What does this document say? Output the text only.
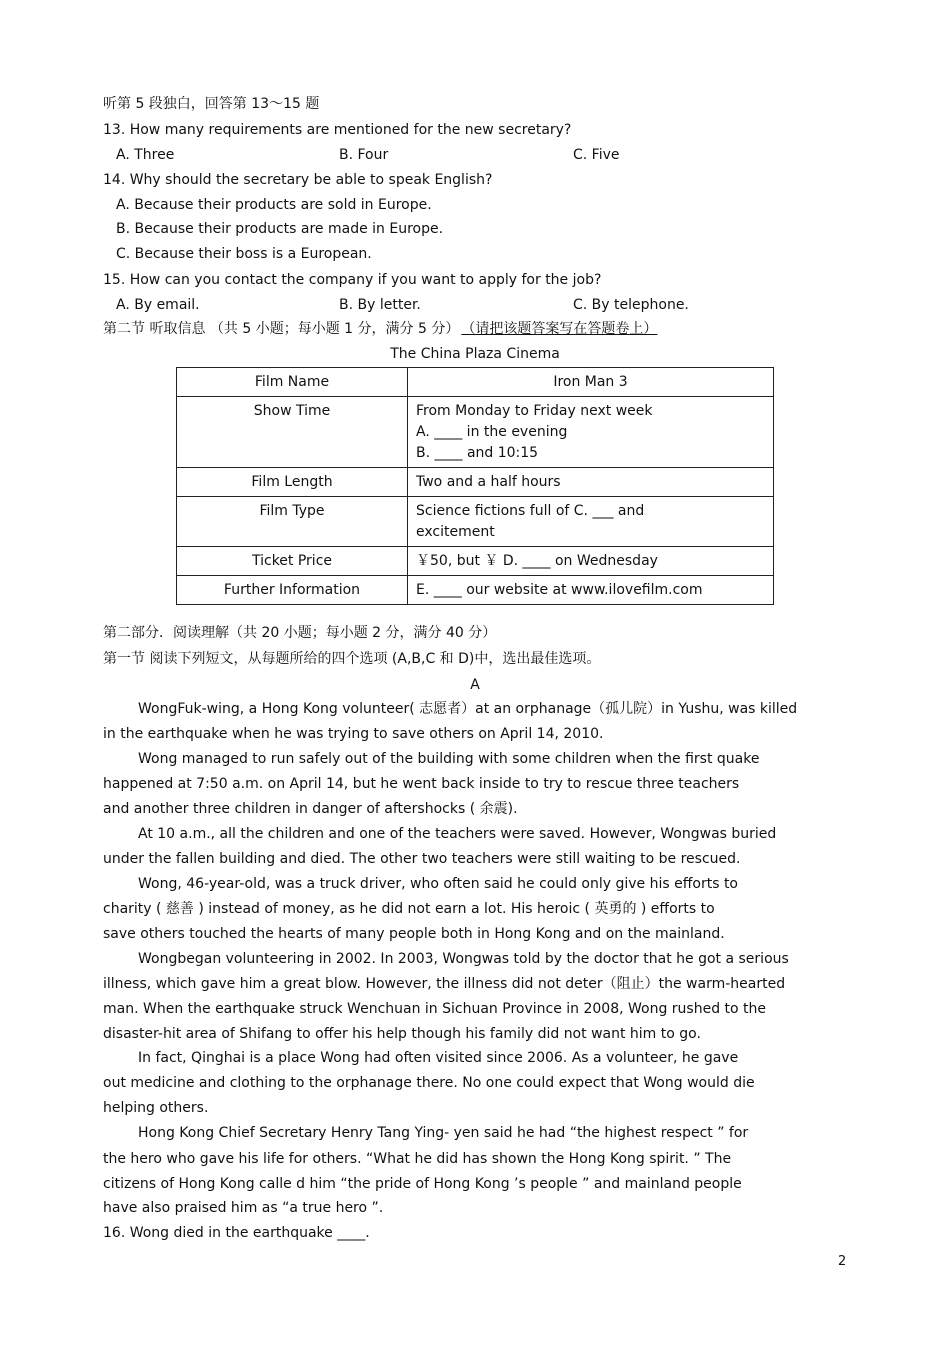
听第 5 段独白，回答第 13～15 题
13. How many requirements are mentioned for the new secretary?
A. Three	B. Four	C. Five
14. Why should the secretary be able to speak English?
A. Because their products are sold in Europe.
B. Because their products are made in Europe.
C. Because their boss is a European.
15. How can you contact the company if you want to apply for the job?
A. By email.	B. By letter.	C. By telephone.
第二节 听取信息 （共 5 小题；每小题 1 分，满分 5 分） （请把该题答案写在答题卷上）
The China Plaza Cinema
Film Name	Iron Man 3

Show Time	From Monday to Friday next week
A. ____ in the evening
B. ____ and 10:15

Film Length	Two and a half hours

Film Type	Science fictions full of C. ___ and
excitement

Ticket Price	￥50, but ￥ D. ____ on Wednesday

Further Information	E. ____ our website at www.ilovefilm.com
第二部分．阅读理解（共 20 小题；每小题 2 分，满分 40 分）
第一节 阅读下列短文，从每题所给的四个选项 (A,B,C 和 D)中，选出最佳选项。
A
WongFuk-wing, a Hong Kong volunteer( 志愿者）at an orphanage（孤儿院）in Yushu, was killed
in the earthquake when he was trying to save others on April 14, 2010.
Wong managed to run safely out of the building with some children when the first quake
happened at 7:50 a.m. on April 14, but he went back inside to try to rescue three teachers
and another three children in danger of aftershocks ( 余震).
At 10 a.m., all the children and one of the teachers were saved. However, Wongwas buried
under the fallen building and died. The other two teachers were still waiting to be rescued.
Wong, 46-year-old, was a truck driver, who often said he could only give his efforts to
charity ( 慈善 ) instead of money, as he did not earn a lot. His heroic ( 英勇的 ) efforts to
save others touched the hearts of many people both in Hong Kong and on the mainland.
Wongbegan volunteering in 2002. In 2003, Wongwas told by the doctor that he got a serious
illness, which gave him a great blow. However, the illness did not deter（阻止）the warm-hearted
man. When the earthquake struck Wenchuan in Sichuan Province in 2008, Wong rushed to the
disaster-hit area of Shifang to offer his help though his family did not want him to go.
In fact, Qinghai is a place Wong had often visited since 2006. As a volunteer, he gave
out medicine and clothing to the orphanage there. No one could expect that Wong would die
helping others.
Hong Kong Chief Secretary Henry Tang Ying- yen said he had “the highest respect ” for
the hero who gave his life for others. “What he did has shown the Hong Kong spirit. ” The
citizens of Hong Kong calle d him “the pride of Hong Kong ’s people ” and mainland people
have also praised him as “a true hero ”.
16. Wong died in the earthquake ____.
2
